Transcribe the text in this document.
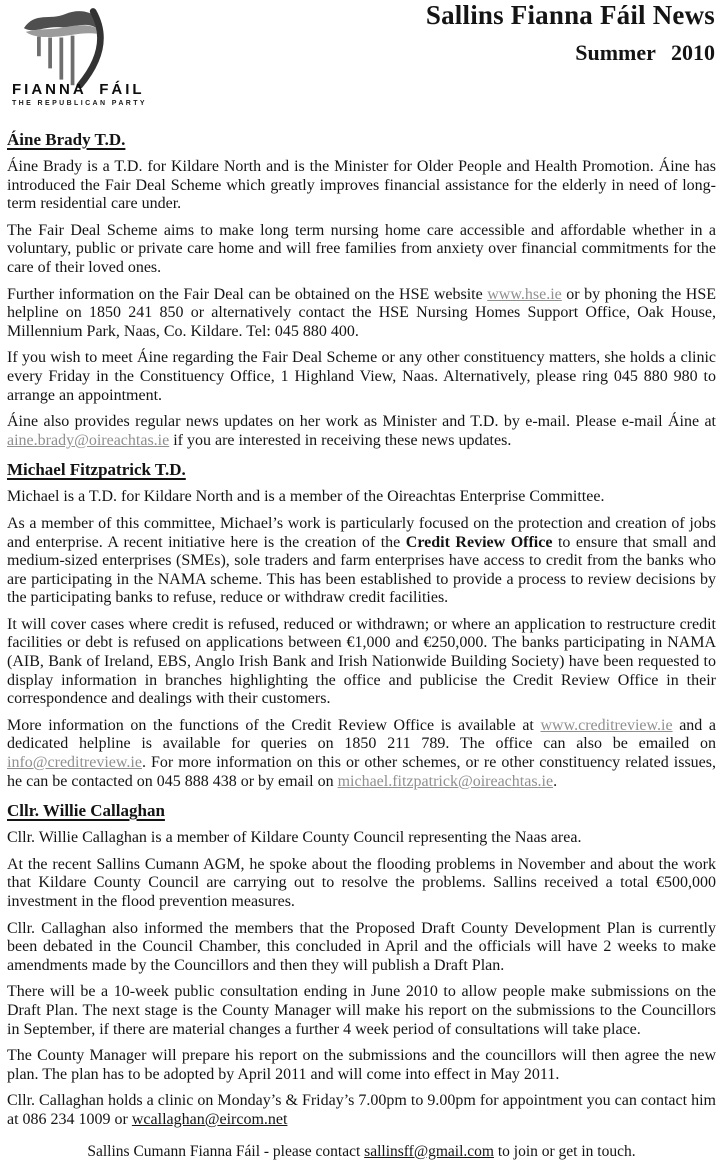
FIANNA FÁIL
THE REPUBLICAN PARTY
Sallins Fianna Fáil News
Summer 2010
Áine Brady T.D.

Áine Brady is a T.D. for Kildare North and is the Minister for Older People and Health Promotion. Áine has introduced the Fair Deal Scheme which greatly improves financial assistance for the elderly in need of long-term residential care under.

The Fair Deal Scheme aims to make long term nursing home care accessible and affordable whether in a voluntary, public or private care home and will free families from anxiety over financial commitments for the care of their loved ones.

Further information on the Fair Deal can be obtained on the HSE website www.hse.ie or by phoning the HSE helpline on 1850 241 850 or alternatively contact the HSE Nursing Homes Support Office, Oak House, Millennium Park, Naas, Co. Kildare. Tel: 045 880 400.

If you wish to meet Áine regarding the Fair Deal Scheme or any other constituency matters, she holds a clinic every Friday in the Constituency Office, 1 Highland View, Naas. Alternatively, please ring 045 880 980 to arrange an appointment.

Áine also provides regular news updates on her work as Minister and T.D. by e-mail. Please e-mail Áine at aine.brady@oireachtas.ie if you are interested in receiving these news updates.

Michael Fitzpatrick T.D.

Michael is a T.D. for Kildare North and is a member of the Oireachtas Enterprise Committee.

As a member of this committee, Michael’s work is particularly focused on the protection and creation of jobs and enterprise. A recent initiative here is the creation of the Credit Review Office to ensure that small and medium-sized enterprises (SMEs), sole traders and farm enterprises have access to credit from the banks who are participating in the NAMA scheme. This has been established to provide a process to review decisions by the participating banks to refuse, reduce or withdraw credit facilities.

It will cover cases where credit is refused, reduced or withdrawn; or where an application to restructure credit facilities or debt is refused on applications between €1,000 and €250,000. The banks participating in NAMA (AIB, Bank of Ireland, EBS, Anglo Irish Bank and Irish Nationwide Building Society) have been requested to display information in branches highlighting the office and publicise the Credit Review Office in their correspondence and dealings with their customers.

More information on the functions of the Credit Review Office is available at www.creditreview.ie and a dedicated helpline is available for queries on 1850 211 789. The office can also be emailed on info@creditreview.ie. For more information on this or other schemes, or re other constituency related issues, he can be contacted on 045 888 438 or by email on michael.fitzpatrick@oireachtas.ie.

Cllr. Willie Callaghan

Cllr. Willie Callaghan is a member of Kildare County Council representing the Naas area.

At the recent Sallins Cumann AGM, he spoke about the flooding problems in November and about the work that Kildare County Council are carrying out to resolve the problems. Sallins received a total €500,000 investment in the flood prevention measures.

Cllr. Callaghan also informed the members that the Proposed Draft County Development Plan is currently been debated in the Council Chamber, this concluded in April and the officials will have 2 weeks to make amendments made by the Councillors and then they will publish a Draft Plan.

There will be a 10-week public consultation ending in June 2010 to allow people make submissions on the Draft Plan. The next stage is the County Manager will make his report on the submissions to the Councillors in September, if there are material changes a further 4 week period of consultations will take place.

The County Manager will prepare his report on the submissions and the councillors will then agree the new plan. The plan has to be adopted by April 2011 and will come into effect in May 2011.

Cllr. Callaghan holds a clinic on Monday’s & Friday’s 7.00pm to 9.00pm for appointment you can contact him at 086 234 1009 or wcallaghan@eircom.net

Sallins Cumann Fianna Fáil - please contact sallinsff@gmail.com to join or get in touch.
